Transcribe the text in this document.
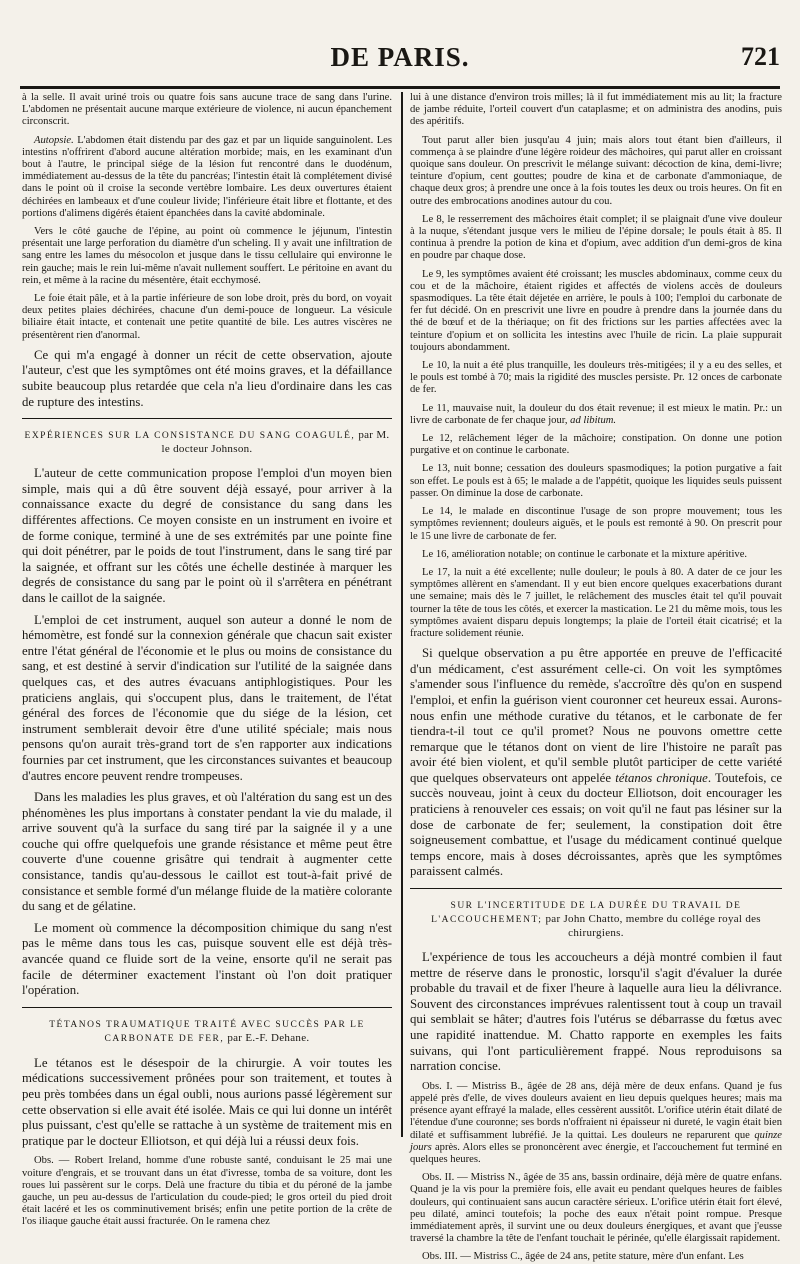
DE PARIS.	721

à la selle. Il avait uriné trois ou quatre fois sans aucune trace de sang dans l'urine. L'abdomen ne présentait aucune marque extérieure de violence, ni aucun épanchement circonscrit.

Autopsie. L'abdomen était distendu par des gaz et par un liquide sanguinolent. Les intestins n'offrirent d'abord aucune altération morbide; mais, en les examinant d'un bout à l'autre, le principal siége de la lésion fut rencontré dans le duodénum, immédiatement au-dessus de la tête du pancréas; l'intestin était là complétement divisé dans le point où il croise la seconde vertèbre lombaire. Les deux ouvertures étaient déchirées en lambeaux et d'une couleur livide; l'inférieure était libre et flottante, et des portions d'alimens digérés étaient épanchées dans la cavité abdominale.

Vers le côté gauche de l'épine, au point où commence le jéjunum, l'intestin présentait une large perforation du diamètre d'un scheling. Il y avait une infiltration de sang entre les lames du mésocolon et jusque dans le tissu cellulaire qui environne le rein gauche; mais le rein lui-même n'avait nullement souffert. Le péritoine en avant du rein, et même à la racine du mésentère, était ecchymosé.

Le foie était pâle, et à la partie inférieure de son lobe droit, près du bord, on voyait deux petites plaies déchirées, chacune d'un demi-pouce de longueur. La vésicule biliaire était intacte, et contenait une petite quantité de bile. Les autres viscères ne présentèrent rien d'anormal.

Ce qui m'a engagé à donner un récit de cette observation, ajoute l'auteur, c'est que les symptômes ont été moins graves, et la défaillance subite beaucoup plus retardée que cela n'a lieu d'ordinaire dans les cas de rupture des intestins.

EXPÉRIENCES SUR LA CONSISTANCE DU SANG COAGULÉ, par M. le docteur Johnson.

L'auteur de cette communication propose l'emploi d'un moyen bien simple, mais qui a dû être souvent déjà essayé, pour arriver à la connaissance exacte du degré de consistance du sang dans les différentes affections. Ce moyen consiste en un instrument en ivoire et de forme conique, terminé à une de ses extrémités par une pointe fine qui doit pénétrer, par le poids de tout l'instrument, dans le sang tiré par la saignée, et offrant sur les côtés une échelle destinée à marquer les degrés de consistance du sang par le point où il s'arrêtera en pénétrant dans le caillot de la saignée.

L'emploi de cet instrument, auquel son auteur a donné le nom de hémomètre, est fondé sur la connexion générale que chacun sait exister entre l'état général de l'économie et le plus ou moins de consistance du sang, et est destiné à servir d'indication sur l'utilité de la saignée dans quelques cas, et des autres évacuans antiphlogistiques. Pour les praticiens anglais, qui s'occupent plus, dans le traitement, de l'état général des forces de l'économie que du siége de la lésion, cet instrument semblerait devoir être d'une utilité spéciale; mais nous pensons qu'on aurait très-grand tort de s'en rapporter aux indications fournies par cet instrument, que les circonstances suivantes et beaucoup d'autres encore peuvent rendre trompeuses.

Dans les maladies les plus graves, et où l'altération du sang est un des phénomènes les plus importans à constater pendant la vie du malade, il arrive souvent qu'à la surface du sang tiré par la saignée il y a une couche qui offre quelquefois une grande résistance et même peut être couverte d'une couenne grisâtre qui tendrait à augmenter cette consistance, tandis qu'au-dessous le caillot est tout-à-fait privé de consistance et semble formé d'un mélange fluide de la matière colorante du sang et de gélatine.

Le moment où commence la décomposition chimique du sang n'est pas le même dans tous les cas, puisque souvent elle est déjà très-avancée quand ce fluide sort de la veine, ensorte qu'il ne serait pas facile de déterminer exactement l'instant où l'on doit pratiquer l'opération.

TÉTANOS TRAUMATIQUE TRAITÉ AVEC SUCCÈS PAR LE CARBONATE DE FER, par E.-F. Dehane.

Le tétanos est le désespoir de la chirurgie. A voir toutes les médications successivement prônées pour son traitement, et toutes à peu près tombées dans un égal oubli, nous aurions passé légèrement sur cette observation si elle avait été isolée. Mais ce qui lui donne un intérêt plus puissant, c'est qu'elle se rattache à un système de traitement mis en pratique par le docteur Elliotson, et qui déjà lui a réussi deux fois.

Obs. — Robert Ireland, homme d'une robuste santé, conduisant le 25 mai une voiture d'engrais, et se trouvant dans un état d'ivresse, tomba de sa voiture, dont les roues lui passèrent sur le corps. Delà une fracture du tibia et du péroné de la jambe gauche, un peu au-dessus de l'articulation du coude-pied; le gros orteil du pied droit était lacéré et les os comminutivement brisés; enfin une petite portion de la crête de l'os iliaque gauche était aussi fracturée. On le ramena chez

lui à une distance d'environ trois milles; là il fut immédiatement mis au lit; la fracture de jambe réduite, l'orteil couvert d'un cataplasme; et on administra des anodins, puis des apéritifs.

Tout parut aller bien jusqu'au 4 juin; mais alors tout étant bien d'ailleurs, il commença à se plaindre d'une légère roideur des mâchoires, qui parut aller en croissant quoique sans douleur. On prescrivit le mélange suivant: décoction de kina, demi-livre; teinture d'opium, cent gouttes; poudre de kina et de carbonate d'ammoniaque, de chaque deux gros; à prendre une once à la fois toutes les deux ou trois heures. On fit en outre des embrocations anodines autour du cou.

Le 8, le resserrement des mâchoires était complet; il se plaignait d'une vive douleur à la nuque, s'étendant jusque vers le milieu de l'épine dorsale; le pouls était à 85. Il continua à prendre la potion de kina et d'opium, avec addition d'un demi-gros de kina en poudre par chaque dose.

Le 9, les symptômes avaient été croissant; les muscles abdominaux, comme ceux du cou et de la mâchoire, étaient rigides et affectés de violens accès de douleurs spasmodiques. La tête était déjetée en arrière, le pouls à 100; l'emploi du carbonate de fer fut décidé. On en prescrivit une livre en poudre à prendre dans la journée dans du thé de bœuf et de la thériaque; on fit des frictions sur les parties affectées avec la teinture d'opium et on sollicita les intestins avec l'huile de ricin. La plaie suppurait toujours abondamment.

Le 10, la nuit a été plus tranquille, les douleurs très-mitigées; il y a eu des selles, et le pouls est tombé à 70; mais la rigidité des muscles persiste. Pr. 12 onces de carbonate de fer.

Le 11, mauvaise nuit, la douleur du dos était revenue; il est mieux le matin. Pr.: un livre de carbonate de fer chaque jour, ad libitum.

Le 12, relâchement léger de la mâchoire; constipation. On donne une potion purgative et on continue le carbonate.

Le 13, nuit bonne; cessation des douleurs spasmodiques; la potion purgative a fait son effet. Le pouls est à 65; le malade a de l'appétit, quoique les liquides seuls puissent passer. On diminue la dose de carbonate.

Le 14, le malade en discontinue l'usage de son propre mouvement; tous les symptômes reviennent; douleurs aiguës, et le pouls est remonté à 90. On prescrit pour le 15 une livre de carbonate de fer.

Le 16, amélioration notable; on continue le carbonate et la mixture apéritive.

Le 17, la nuit a été excellente; nulle douleur; le pouls à 80. A dater de ce jour les symptômes allèrent en s'amendant. Il y eut bien encore quelques exacerbations durant une semaine; mais dès le 7 juillet, le relâchement des muscles était tel qu'il pouvait tourner la tête de tous les côtés, et exercer la mastication. Le 21 du même mois, tous les symptômes avaient disparu depuis longtemps; la plaie de l'orteil était cicatrisé; et la fracture solidement réunie.

Si quelque observation a pu être apportée en preuve de l'efficacité d'un médicament, c'est assurément celle-ci. On voit les symptômes s'amender sous l'influence du remède, s'accroître dès qu'on en suspend l'emploi, et enfin la guérison vient couronner cet heureux essai. Aurons-nous enfin une méthode curative du tétanos, et le carbonate de fer tiendra-t-il tout ce qu'il promet? Nous ne pouvons omettre cette remarque que le tétanos dont on vient de lire l'histoire ne paraît pas avoir été bien violent, et qu'il semble plutôt participer de cette variété que quelques observateurs ont appelée tétanos chronique. Toutefois, ce succès nouveau, joint à ceux du docteur Elliotson, doit encourager les praticiens à renouveler ces essais; on voit qu'il ne faut pas lésiner sur la dose de carbonate de fer; seulement, la constipation doit être soigneusement combattue, et l'usage du médicament continué quelque temps encore, mais à doses décroissantes, après que les symptômes paraissent calmés.

SUR L'INCERTITUDE DE LA DURÉE DU TRAVAIL DE L'ACCOUCHEMENT; par John Chatto, membre du collége royal des chirurgiens.

L'expérience de tous les accoucheurs a déjà montré combien il faut mettre de réserve dans le pronostic, lorsqu'il s'agit d'évaluer la durée probable du travail et de fixer l'heure à laquelle aura lieu la délivrance. Souvent des circonstances imprévues ralentissent tout à coup un travail qui semblait se hâter; d'autres fois l'utérus se débarrasse du fœtus avec une rapidité inattendue. M. Chatto rapporte en exemples les faits suivans, qui l'ont particulièrement frappé. Nous reproduisons sa narration concise.

Obs. I. — Mistriss B., âgée de 28 ans, déjà mère de deux enfans. Quand je fus appelé près d'elle, de vives douleurs avaient en lieu depuis quelques heures; mais ma présence ayant effrayé la malade, elles cessèrent aussitôt. L'orifice utérin était dilaté de l'étendue d'une couronne; ses bords n'offraient ni épaisseur ni dureté, le vagin était bien dilaté et suffisamment lubréfié. Je la quittai. Les douleurs ne reparurent que quinze jours après. Alors elles se prononcèrent avec énergie, et l'accouchement fut terminé en quelques heures.

Obs. II. — Mistriss N., âgée de 35 ans, bassin ordinaire, déjà mère de quatre enfans. Quand je la vis pour la première fois, elle avait eu pendant quelques heures de faibles douleurs, qui continuaient sans aucun caractère sérieux. L'orifice utérin était fort élevé, peu dilaté, aminci toutefois; la poche des eaux n'était point rompue. Presque immédiatement après, il survint une ou deux douleurs énergiques, et avant que j'eusse traversé la chambre la tête de l'enfant touchait le périnée, qu'elle élargissait rapidement.

Obs. III. — Mistriss C., âgée de 24 ans, petite stature, mère d'un enfant. Les
